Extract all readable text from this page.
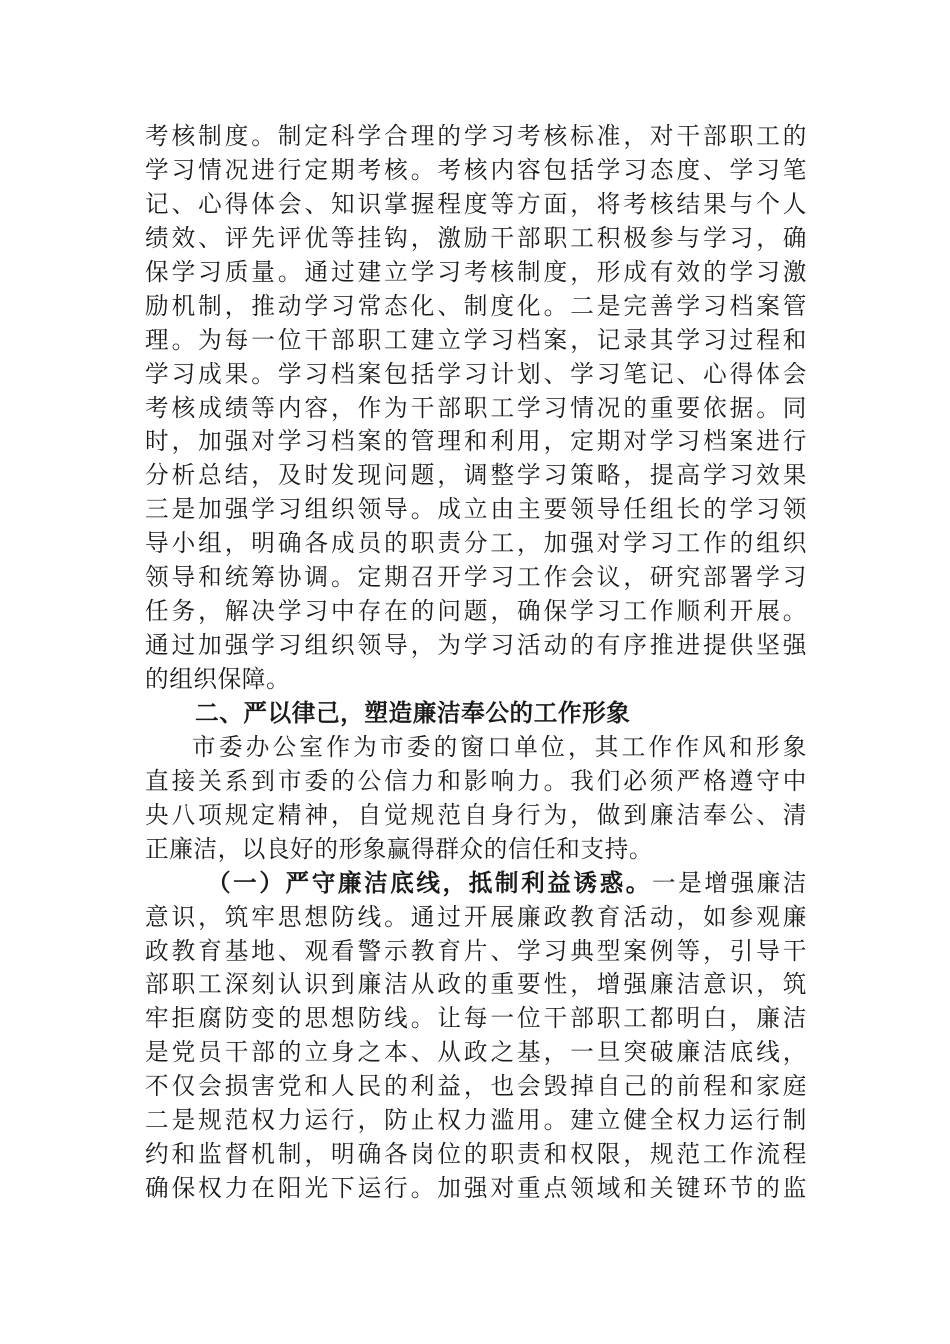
考核制度。制定科学合理的学习考核标准，对干部职工的
学习情况进行定期考核。考核内容包括学习态度、学习笔
记、心得体会、知识掌握程度等方面，将考核结果与个人
绩效、评先评优等挂钩，激励干部职工积极参与学习，确
保学习质量。通过建立学习考核制度，形成有效的学习激
励机制，推动学习常态化、制度化。二是完善学习档案管
理。为每一位干部职工建立学习档案，记录其学习过程和
学习成果。学习档案包括学习计划、学习笔记、心得体会
考核成绩等内容，作为干部职工学习情况的重要依据。同
时，加强对学习档案的管理和利用，定期对学习档案进行
分析总结，及时发现问题，调整学习策略，提高学习效果
三是加强学习组织领导。成立由主要领导任组长的学习领
导小组，明确各成员的职责分工，加强对学习工作的组织
领导和统筹协调。定期召开学习工作会议，研究部署学习
任务，解决学习中存在的问题，确保学习工作顺利开展。
通过加强学习组织领导，为学习活动的有序推进提供坚强
的组织保障。
二、严以律己，塑造廉洁奉公的工作形象
市委办公室作为市委的窗口单位，其工作作风和形象
直接关系到市委的公信力和影响力。我们必须严格遵守中
央八项规定精神，自觉规范自身行为，做到廉洁奉公、清
正廉洁，以良好的形象赢得群众的信任和支持。
（一）严守廉洁底线，抵制利益诱惑。一是增强廉洁
意识，筑牢思想防线。通过开展廉政教育活动，如参观廉
政教育基地、观看警示教育片、学习典型案例等，引导干
部职工深刻认识到廉洁从政的重要性，增强廉洁意识，筑
牢拒腐防变的思想防线。让每一位干部职工都明白，廉洁
是党员干部的立身之本、从政之基，一旦突破廉洁底线，
不仅会损害党和人民的利益，也会毁掉自己的前程和家庭
二是规范权力运行，防止权力滥用。建立健全权力运行制
约和监督机制，明确各岗位的职责和权限，规范工作流程
确保权力在阳光下运行。加强对重点领域和关键环节的监
